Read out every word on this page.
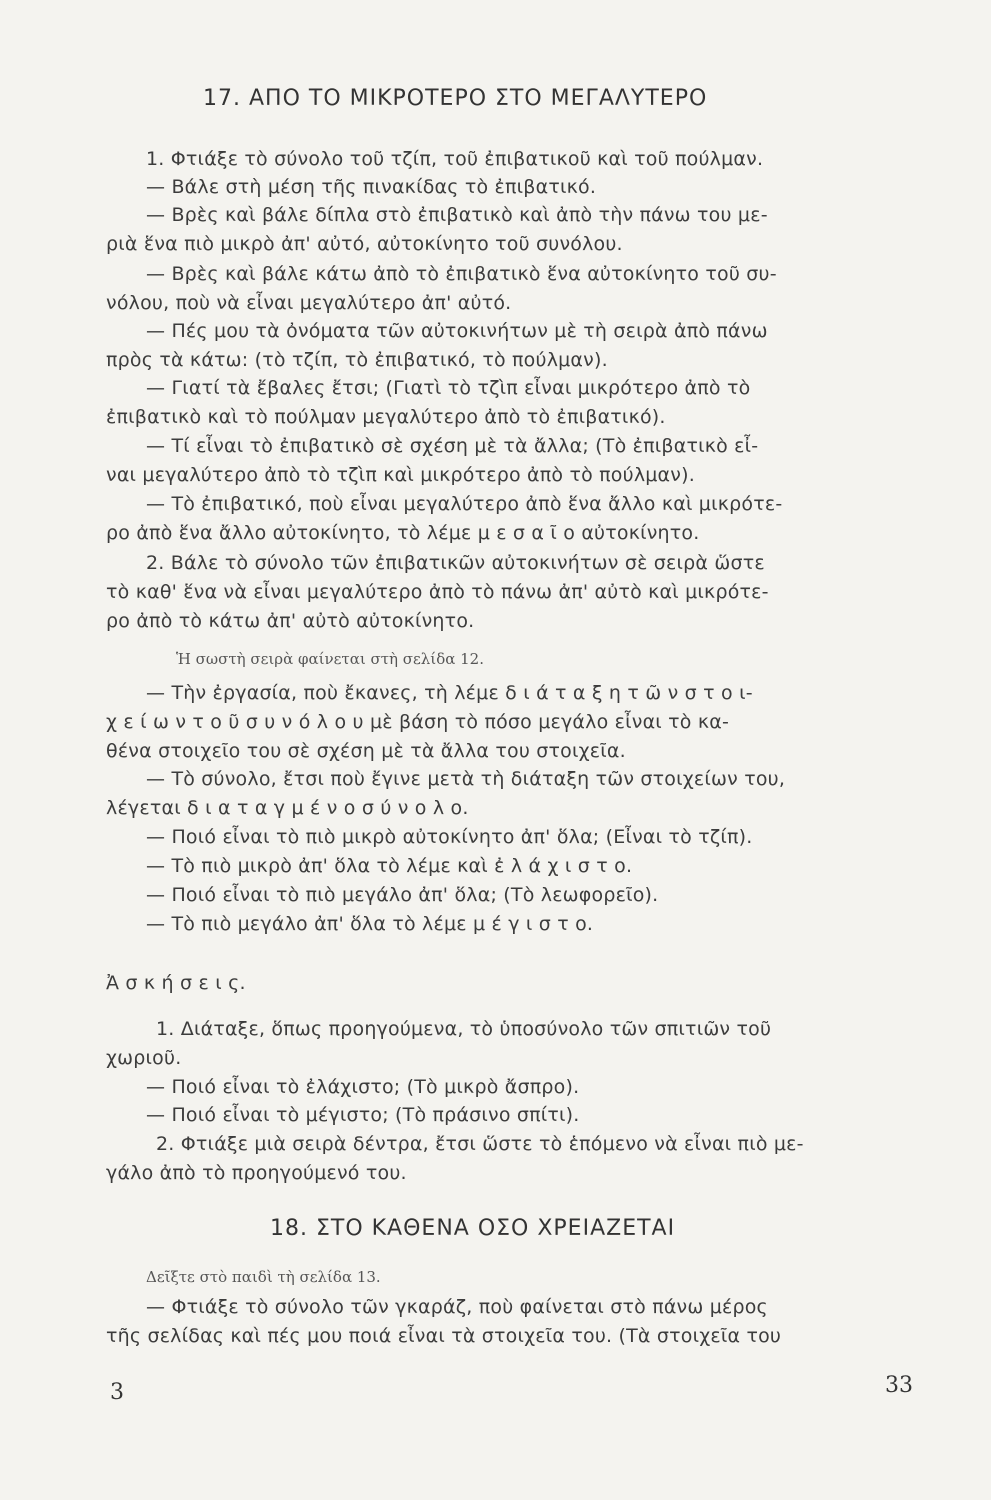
17. ΑΠΟ ΤΟ ΜΙΚΡΟΤΕΡΟ ΣΤΟ ΜΕΓΑΛΥΤΕΡΟ
1. Φτιάξε τὸ σύνολο τοῦ τζίπ, τοῦ ἐπιβατικοῦ καὶ τοῦ πούλμαν.
— Βάλε στὴ μέση τῆς πινακίδας τὸ ἐπιβατικό.
— Βρὲς καὶ βάλε δίπλα στὸ ἐπιβατικὸ καὶ ἀπὸ τὴν πάνω του με-
ριὰ ἕνα πιὸ μικρὸ ἀπ' αὐτό, αὐτοκίνητο τοῦ συνόλου.
— Βρὲς καὶ βάλε κάτω ἀπὸ τὸ ἐπιβατικὸ ἕνα αὐτοκίνητο τοῦ συ-
νόλου, ποὺ νὰ εἶναι μεγαλύτερο ἀπ' αὐτό.
— Πές μου τὰ ὀνόματα τῶν αὐτοκινήτων μὲ τὴ σειρὰ ἀπὸ πάνω
πρὸς τὰ κάτω: (τὸ τζίπ, τὸ ἐπιβατικό, τὸ πούλμαν).
— Γιατί τὰ ἔβαλες ἔτσι; (Γιατὶ τὸ τζὶπ εἶναι μικρότερο ἀπὸ τὸ
ἐπιβατικὸ καὶ τὸ πούλμαν μεγαλύτερο ἀπὸ τὸ ἐπιβατικό).
— Τί εἶναι τὸ ἐπιβατικὸ σὲ σχέση μὲ τὰ ἄλλα; (Τὸ ἐπιβατικὸ εἶ-
ναι μεγαλύτερο ἀπὸ τὸ τζὶπ καὶ μικρότερο ἀπὸ τὸ πούλμαν).
— Τὸ ἐπιβατικό, ποὺ εἶναι μεγαλύτερο ἀπὸ ἕνα ἄλλο καὶ μικρότε-
ρο ἀπὸ ἕνα ἄλλο αὐτοκίνητο, τὸ λέμε μ ε σ α ῖ ο αὐτοκίνητο.
2. Βάλε τὸ σύνολο τῶν ἐπιβατικῶν αὐτοκινήτων σὲ σειρὰ ὥστε
τὸ καθ' ἕνα νὰ εἶναι μεγαλύτερο ἀπὸ τὸ πάνω ἀπ' αὐτὸ καὶ μικρότε-
ρο ἀπὸ τὸ κάτω ἀπ' αὐτὸ αὐτοκίνητο.
Ἡ σωστὴ σειρὰ φαίνεται στὴ σελίδα 12.
— Τὴν ἐργασία, ποὺ ἔκανες, τὴ λέμε δ ι ά τ α ξ η τ ῶ ν σ τ ο ι-
χ ε ί ω ν τ ο ῦ σ υ ν ό λ ο υ μὲ βάση τὸ πόσο μεγάλο εἶναι τὸ κα-
θένα στοιχεῖο του σὲ σχέση μὲ τὰ ἄλλα του στοιχεῖα.
— Τὸ σύνολο, ἔτσι ποὺ ἔγινε μετὰ τὴ διάταξη τῶν στοιχείων του,
λέγεται δ ι α τ α γ μ έ ν ο σ ύ ν ο λ ο.
— Ποιό εἶναι τὸ πιὸ μικρὸ αὐτοκίνητο ἀπ' ὅλα; (Εἶναι τὸ τζίπ).
— Τὸ πιὸ μικρὸ ἀπ' ὅλα τὸ λέμε καὶ ἐ λ ά χ ι σ τ ο.
— Ποιό εἶναι τὸ πιὸ μεγάλο ἀπ' ὅλα; (Τὸ λεωφορεῖο).
— Τὸ πιὸ μεγάλο ἀπ' ὅλα τὸ λέμε μ έ γ ι σ τ ο.
Ἀ σ κ ή σ ε ι ς.
1. Διάταξε, ὅπως προηγούμενα, τὸ ὑποσύνολο τῶν σπιτιῶν τοῦ
χωριοῦ.
— Ποιό εἶναι τὸ ἐλάχιστο; (Τὸ μικρὸ ἄσπρο).
— Ποιό εἶναι τὸ μέγιστο; (Τὸ πράσινο σπίτι).
2. Φτιάξε μιὰ σειρὰ δέντρα, ἔτσι ὥστε τὸ ἑπόμενο νὰ εἶναι πιὸ με-
γάλο ἀπὸ τὸ προηγούμενό του.
18. ΣΤΟ ΚΑΘΕΝΑ ΟΣΟ ΧΡΕΙΑΖΕΤΑΙ
Δεῖξτε στὸ παιδὶ τὴ σελίδα 13.
— Φτιάξε τὸ σύνολο τῶν γκαράζ, ποὺ φαίνεται στὸ πάνω μέρος
τῆς σελίδας καὶ πές μου ποιά εἶναι τὰ στοιχεῖα του. (Τὰ στοιχεῖα του
3	33
